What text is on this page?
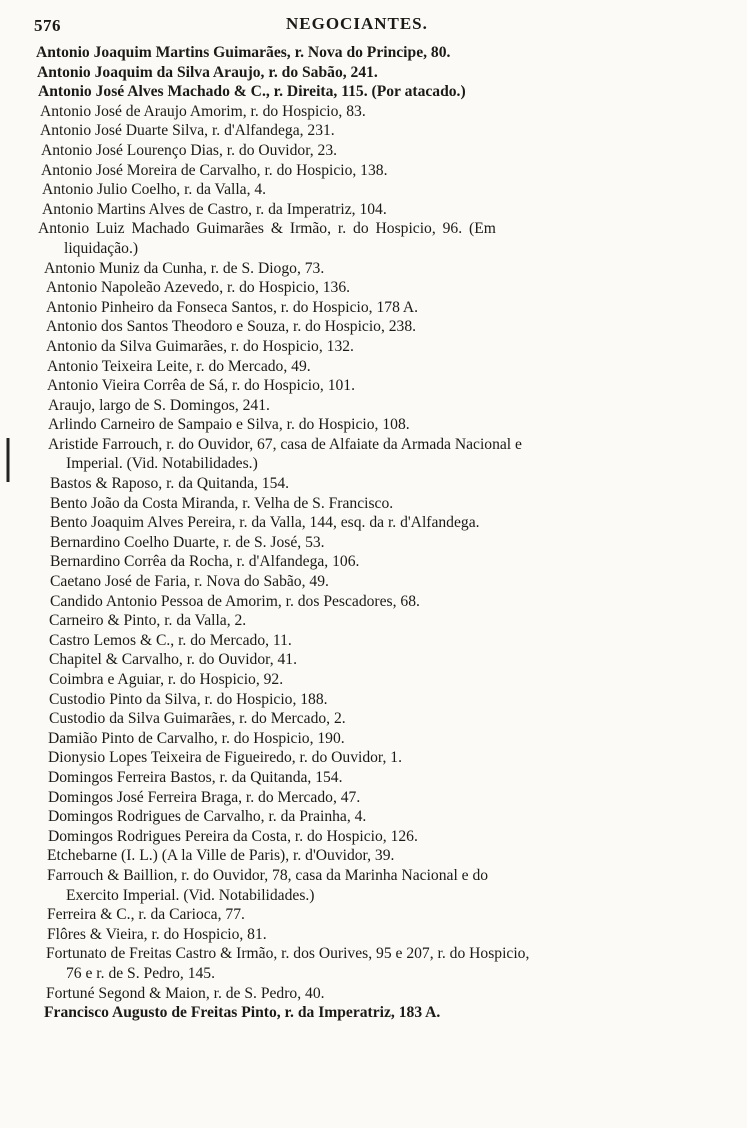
576	NEGOCIANTES.
Antonio Joaquim Martins Guimarães, r. Nova do Principe, 80.
Antonio Joaquim da Silva Araujo, r. do Sabão, 241.
Antonio José Alves Machado & C., r. Direita, 115. (Por atacado.)
Antonio José de Araujo Amorim, r. do Hospicio, 83.
Antonio José Duarte Silva, r. d'Alfandega, 231.
Antonio José Lourenço Dias, r. do Ouvidor, 23.
Antonio José Moreira de Carvalho, r. do Hospicio, 138.
Antonio Julio Coelho, r. da Valla, 4.
Antonio Martins Alves de Castro, r. da Imperatriz, 104.
Antonio Luiz Machado Guimarães & Irmão, r. do Hospicio, 96. (Em
liquidação.)
Antonio Muniz da Cunha, r. de S. Diogo, 73.
Antonio Napoleão Azevedo, r. do Hospicio, 136.
Antonio Pinheiro da Fonseca Santos, r. do Hospicio, 178 A.
Antonio dos Santos Theodoro e Souza, r. do Hospicio, 238.
Antonio da Silva Guimarães, r. do Hospicio, 132.
Antonio Teixeira Leite, r. do Mercado, 49.
Antonio Vieira Corrêa de Sá, r. do Hospicio, 101.
Araujo, largo de S. Domingos, 241.
Arlindo Carneiro de Sampaio e Silva, r. do Hospicio, 108.
Aristide Farrouch, r. do Ouvidor, 67, casa de Alfaiate da Armada Nacional e
Imperial. (Vid. Notabilidades.)
Bastos & Raposo, r. da Quitanda, 154.
Bento João da Costa Miranda, r. Velha de S. Francisco.
Bento Joaquim Alves Pereira, r. da Valla, 144, esq. da r. d'Alfandega.
Bernardino Coelho Duarte, r. de S. José, 53.
Bernardino Corrêa da Rocha, r. d'Alfandega, 106.
Caetano José de Faria, r. Nova do Sabão, 49.
Candido Antonio Pessoa de Amorim, r. dos Pescadores, 68.
Carneiro & Pinto, r. da Valla, 2.
Castro Lemos & C., r. do Mercado, 11.
Chapitel & Carvalho, r. do Ouvidor, 41.
Coimbra e Aguiar, r. do Hospicio, 92.
Custodio Pinto da Silva, r. do Hospicio, 188.
Custodio da Silva Guimarães, r. do Mercado, 2.
Damião Pinto de Carvalho, r. do Hospicio, 190.
Dionysio Lopes Teixeira de Figueiredo, r. do Ouvidor, 1.
Domingos Ferreira Bastos, r. da Quitanda, 154.
Domingos José Ferreira Braga, r. do Mercado, 47.
Domingos Rodrigues de Carvalho, r. da Prainha, 4.
Domingos Rodrigues Pereira da Costa, r. do Hospicio, 126.
Etchebarne (I. L.) (A la Ville de Paris), r. d'Ouvidor, 39.
Farrouch & Baillion, r. do Ouvidor, 78, casa da Marinha Nacional e do
Exercito Imperial. (Vid. Notabilidades.)
Ferreira & C., r. da Carioca, 77.
Flôres & Vieira, r. do Hospicio, 81.
Fortunato de Freitas Castro & Irmão, r. dos Ourives, 95 e 207, r. do Hospicio,
76 e r. de S. Pedro, 145.
Fortuné Segond & Maion, r. de S. Pedro, 40.
Francisco Augusto de Freitas Pinto, r. da Imperatriz, 183 A.
